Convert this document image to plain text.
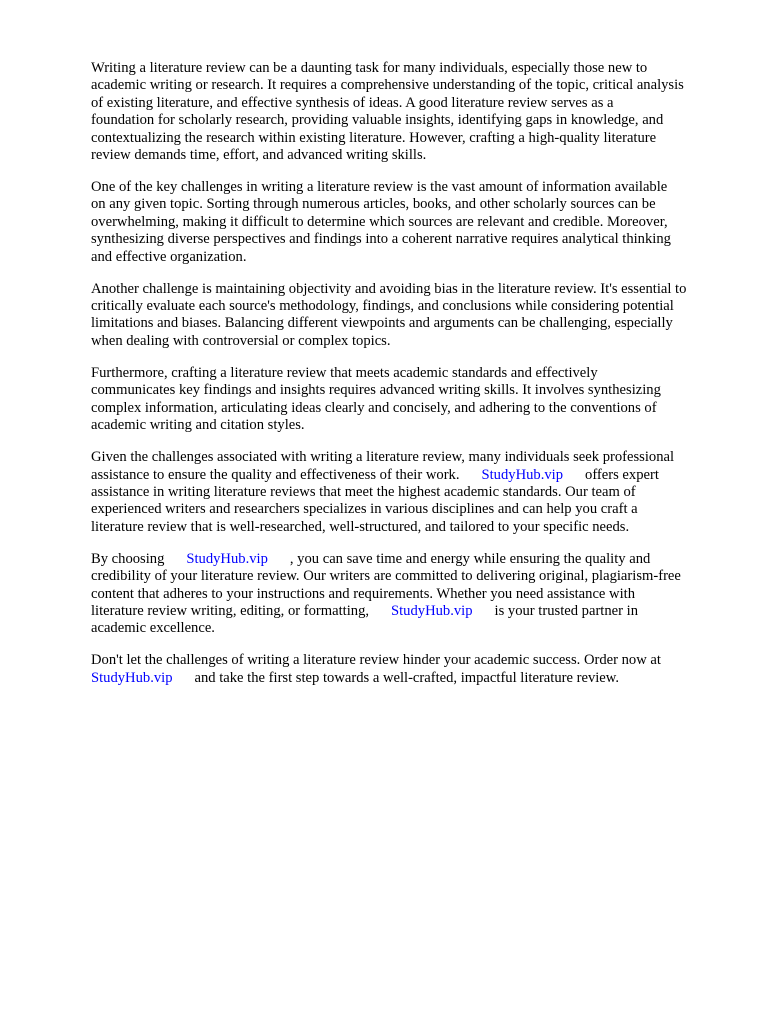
Writing a literature review can be a daunting task for many individuals, especially those new to
academic writing or research. It requires a comprehensive understanding of the topic, critical analysis
of existing literature, and effective synthesis of ideas. A good literature review serves as a
foundation for scholarly research, providing valuable insights, identifying gaps in knowledge, and
contextualizing the research within existing literature. However, crafting a high-quality literature
review demands time, effort, and advanced writing skills.

One of the key challenges in writing a literature review is the vast amount of information available
on any given topic. Sorting through numerous articles, books, and other scholarly sources can be
overwhelming, making it difficult to determine which sources are relevant and credible. Moreover,
synthesizing diverse perspectives and findings into a coherent narrative requires analytical thinking
and effective organization.

Another challenge is maintaining objectivity and avoiding bias in the literature review. It's essential to
critically evaluate each source's methodology, findings, and conclusions while considering potential
limitations and biases. Balancing different viewpoints and arguments can be challenging, especially
when dealing with controversial or complex topics.

Furthermore, crafting a literature review that meets academic standards and effectively
communicates key findings and insights requires advanced writing skills. It involves synthesizing
complex information, articulating ideas clearly and concisely, and adhering to the conventions of
academic writing and citation styles.

Given the challenges associated with writing a literature review, many individuals seek professional
assistance to ensure the quality and effectiveness of their work. StudyHub.vip offers expert
assistance in writing literature reviews that meet the highest academic standards. Our team of
experienced writers and researchers specializes in various disciplines and can help you craft a
literature review that is well-researched, well-structured, and tailored to your specific needs.

By choosing StudyHub.vip , you can save time and energy while ensuring the quality and
credibility of your literature review. Our writers are committed to delivering original, plagiarism-free
content that adheres to your instructions and requirements. Whether you need assistance with
literature review writing, editing, or formatting, StudyHub.vip is your trusted partner in
academic excellence.

Don't let the challenges of writing a literature review hinder your academic success. Order now at
StudyHub.vip and take the first step towards a well-crafted, impactful literature review.
